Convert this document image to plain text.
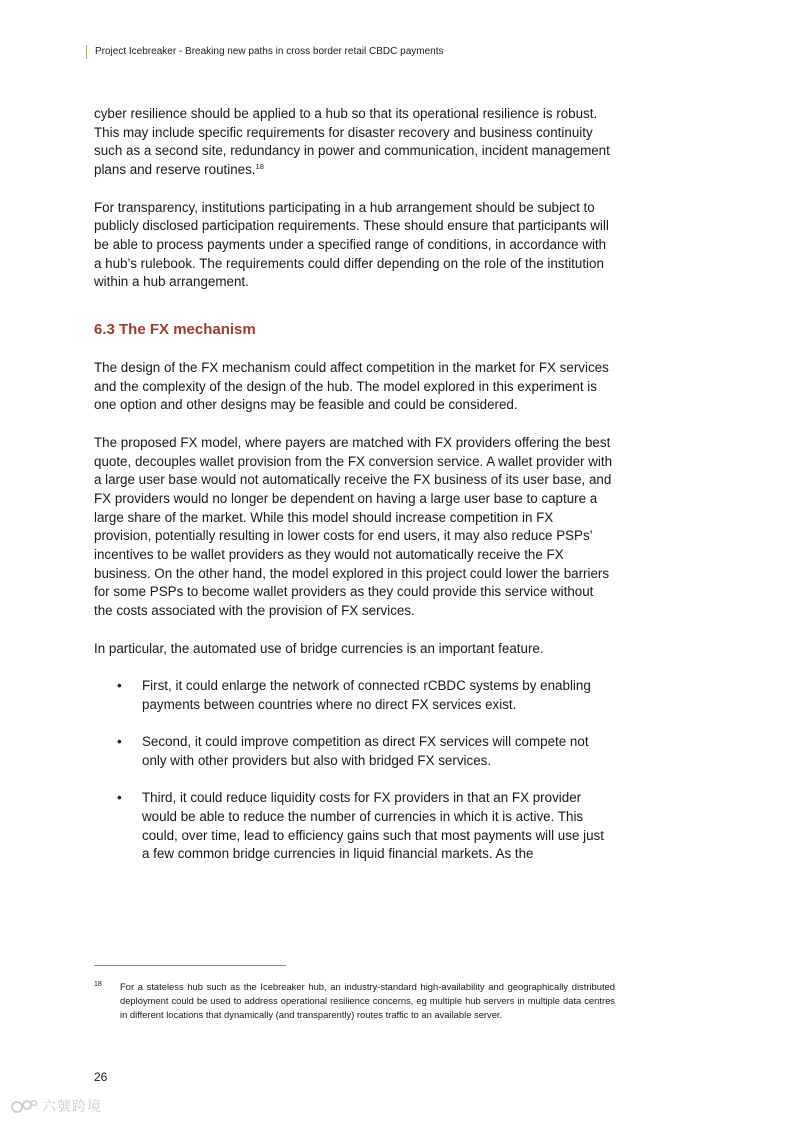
Project Icebreaker - Breaking new paths in cross border retail CBDC payments

cyber resilience should be applied to a hub so that its operational resilience is robust. This may include specific requirements for disaster recovery and business continuity such as a second site, redundancy in power and communication, incident management plans and reserve routines.$^{18}$

For transparency, institutions participating in a hub arrangement should be subject to publicly disclosed participation requirements. These should ensure that participants will be able to process payments under a specified range of conditions, in accordance with a hub’s rulebook. The requirements could differ depending on the role of the institution within a hub arrangement.

6.3 The FX mechanism

The design of the FX mechanism could affect competition in the market for FX services and the complexity of the design of the hub. The model explored in this experiment is one option and other designs may be feasible and could be considered.

The proposed FX model, where payers are matched with FX providers offering the best quote, decouples wallet provision from the FX conversion service. A wallet provider with a large user base would not automatically receive the FX business of its user base, and FX providers would no longer be dependent on having a large user base to capture a large share of the market. While this model should increase competition in FX provision, potentially resulting in lower costs for end users, it may also reduce PSPs’ incentives to be wallet providers as they would not automatically receive the FX business. On the other hand, the model explored in this project could lower the barriers for some PSPs to become wallet providers as they could provide this service without the costs associated with the provision of FX services.

In particular, the automated use of bridge currencies is an important feature.

• First, it could enlarge the network of connected rCBDC systems by enabling payments between countries where no direct FX services exist.
• Second, it could improve competition as direct FX services will compete not only with other providers but also with bridged FX services.
• Third, it could reduce liquidity costs for FX providers in that an FX provider would be able to reduce the number of currencies in which it is active. This could, over time, lead to efficiency gains such that most payments will use just a few common bridge currencies in liquid financial markets. As the
18 For a stateless hub such as the Icebreaker hub, an industry-standard high-availability and geographically distributed deployment could be used to address operational resilience concerns, eg multiple hub servers in multiple data centres in different locations that dynamically (and transparently) routes traffic to an available server.
26
六號跨境
